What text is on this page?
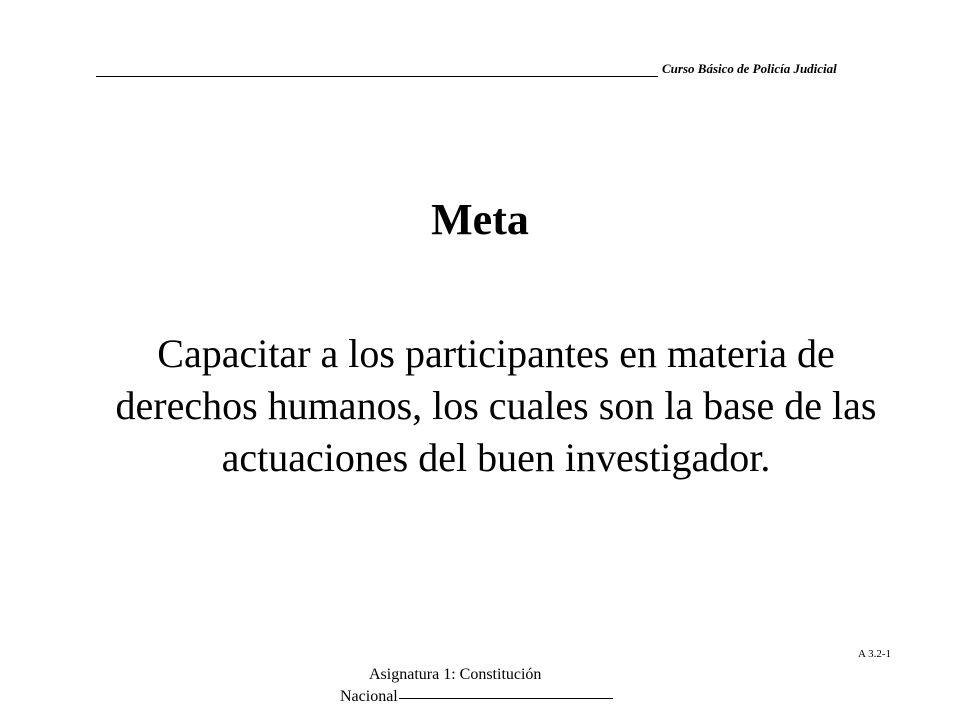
Curso Básico de Policía Judicial
Meta
Capacitar a los participantes en materia de derechos humanos, los cuales son la base de las actuaciones del buen investigador.
A 3.2-1
Asignatura 1: Constitución
Nacional
